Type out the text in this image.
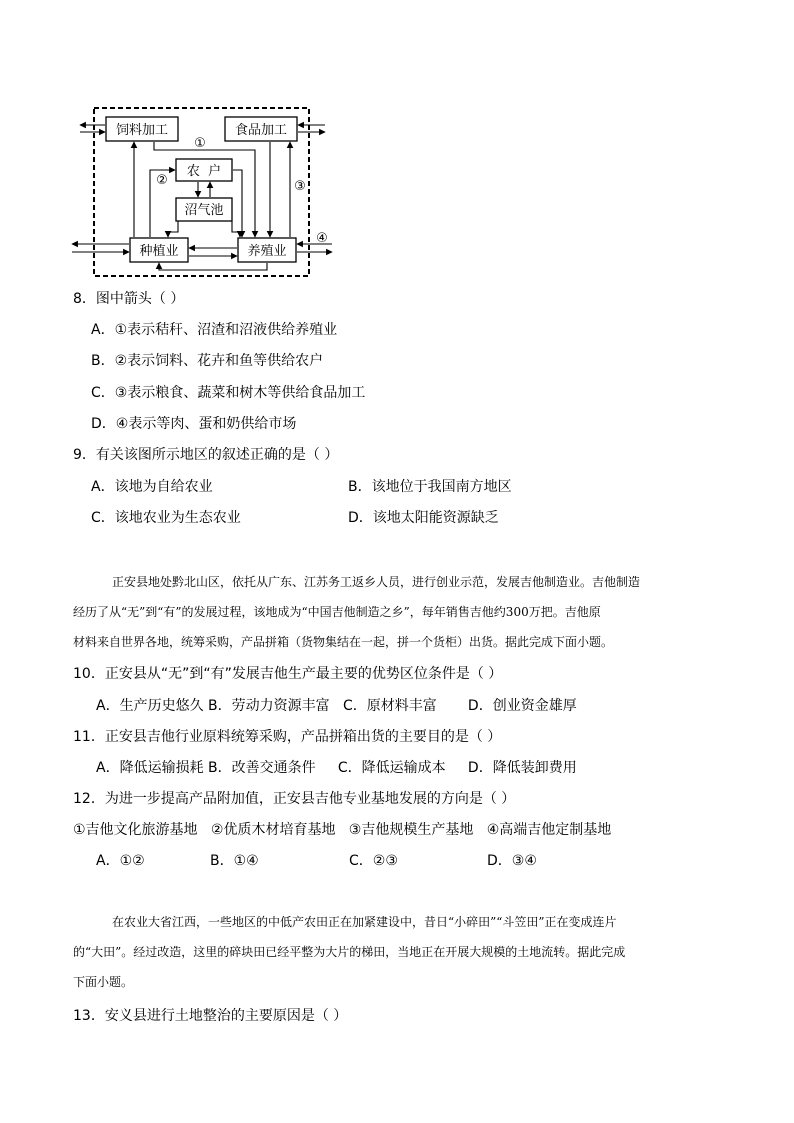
饲料加工	食品加工
农  户
沼气池
种植业	养殖业
①
②	③
④
8．图中箭头（ ）
A．①表示秸秆、沼渣和沼液供给养殖业
B．②表示饲料、花卉和鱼等供给农户
C．③表示粮食、蔬菜和树木等供给食品加工
D．④表示等肉、蛋和奶供给市场
9．有关该图所示地区的叙述正确的是（ ）
A．该地为自给农业	B．该地位于我国南方地区
C．该地农业为生态农业	D．该地太阳能资源缺乏
正安县地处黔北山区，依托从广东、江苏务工返乡人员，进行创业示范，发展吉他制造业。吉他制造
经历了从“无”到“有”的发展过程，该地成为“中国吉他制造之乡”，每年销售吉他约300万把。吉他原
材料来自世界各地，统筹采购，产品拼箱（货物集结在一起，拼一个货柜）出货。据此完成下面小题。
10．正安县从“无”到“有”发展吉他生产最主要的优势区位条件是（ ）
A．生产历史悠久 B．劳动力资源丰富   C．原材料丰富       D．创业资金雄厚
11．正安县吉他行业原料统筹采购，产品拼箱出货的主要目的是（ ）
A．降低运输损耗 B．改善交通条件     C．降低运输成本     D．降低装卸费用
12．为进一步提高产品附加值，正安县吉他专业基地发展的方向是（ ）
①吉他文化旅游基地   ②优质木材培育基地   ③吉他规模生产基地   ④高端吉他定制基地
A．①②	B．①④	C．②③	D．③④
在农业大省江西，一些地区的中低产农田正在加紧建设中，昔日“小碎田”“斗笠田”正在变成连片
的“大田”。经过改造，这里的碎块田已经平整为大片的梯田，当地正在开展大规模的土地流转。据此完成
下面小题。
13．安义县进行土地整治的主要原因是（ ）
